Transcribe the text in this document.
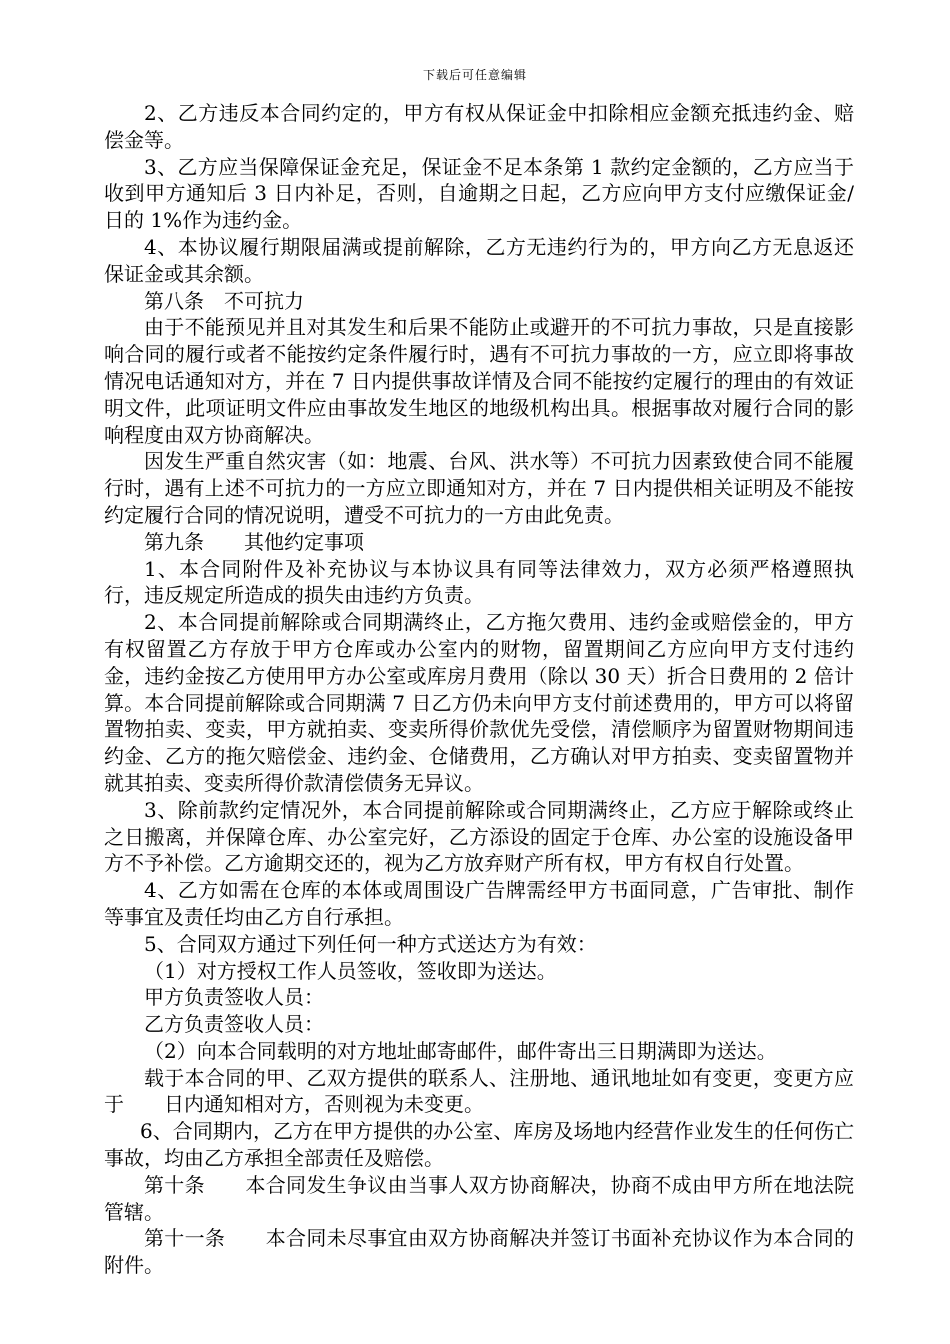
下载后可任意编辑

2、乙方违反本合同约定的，甲方有权从保证金中扣除相应金额充抵违约金、赔偿金等。

3、乙方应当保障保证金充足，保证金不足本条第 1 款约定金额的，乙方应当于收到甲方通知后 3 日内补足，否则，自逾期之日起，乙方应向甲方支付应缴保证金/日的 1%作为违约金。

4、本协议履行期限届满或提前解除，乙方无违约行为的，甲方向乙方无息返还保证金或其余额。

第八条　不可抗力

由于不能预见并且对其发生和后果不能防止或避开的不可抗力事故，只是直接影响合同的履行或者不能按约定条件履行时，遇有不可抗力事故的一方，应立即将事故情况电话通知对方，并在 7 日内提供事故详情及合同不能按约定履行的理由的有效证明文件，此项证明文件应由事故发生地区的地级机构出具。根据事故对履行合同的影响程度由双方协商解决。

因发生严重自然灾害（如：地震、台风、洪水等）不可抗力因素致使合同不能履行时，遇有上述不可抗力的一方应立即通知对方，并在 7 日内提供相关证明及不能按约定履行合同的情况说明，遭受不可抗力的一方由此免责。

第九条　　其他约定事项

1、本合同附件及补充协议与本协议具有同等法律效力，双方必须严格遵照执行，违反规定所造成的损失由违约方负责。

2、本合同提前解除或合同期满终止，乙方拖欠费用、违约金或赔偿金的，甲方有权留置乙方存放于甲方仓库或办公室内的财物，留置期间乙方应向甲方支付违约金，违约金按乙方使用甲方办公室或库房月费用（除以 30 天）折合日费用的 2 倍计算。本合同提前解除或合同期满 7 日乙方仍未向甲方支付前述费用的，甲方可以将留置物拍卖、变卖，甲方就拍卖、变卖所得价款优先受偿，清偿顺序为留置财物期间违约金、乙方的拖欠赔偿金、违约金、仓储费用，乙方确认对甲方拍卖、变卖留置物并就其拍卖、变卖所得价款清偿债务无异议。

3、除前款约定情况外，本合同提前解除或合同期满终止，乙方应于解除或终止之日搬离，并保障仓库、办公室完好，乙方添设的固定于仓库、办公室的设施设备甲方不予补偿。乙方逾期交还的，视为乙方放弃财产所有权，甲方有权自行处置。

4、乙方如需在仓库的本体或周围设广告牌需经甲方书面同意，广告审批、制作等事宜及责任均由乙方自行承担。

5、合同双方通过下列任何一种方式送达方为有效：

（1）对方授权工作人员签收，签收即为送达。

甲方负责签收人员：

乙方负责签收人员：

（2）向本合同载明的对方地址邮寄邮件，邮件寄出三日期满即为送达。

载于本合同的甲、乙双方提供的联系人、注册地、通讯地址如有变更，变更方应于　　日内通知相对方，否则视为未变更。

6、合同期内，乙方在甲方提供的办公室、库房及场地内经营作业发生的任何伤亡事故，均由乙方承担全部责任及赔偿。

第十条　　本合同发生争议由当事人双方协商解决，协商不成由甲方所在地法院管辖。

第十一条　　本合同未尽事宜由双方协商解决并签订书面补充协议作为本合同的附件。
